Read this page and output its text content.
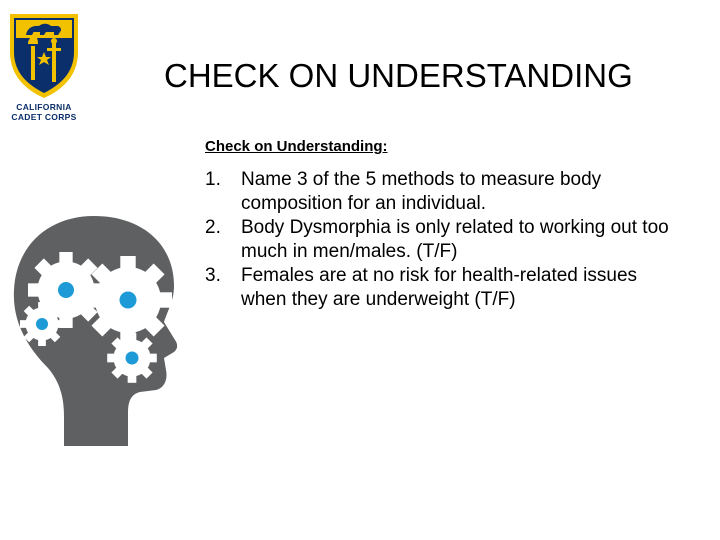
CALIFORNIA
CADET CORPS
CHECK ON UNDERSTANDING
Check on Understanding:
1. Name 3 of the 5 methods to measure body composition for an individual.
2. Body Dysmorphia is only related to working out too much in men/males. (T/F)
3. Females are at no risk for health-related issues when they are underweight (T/F)
